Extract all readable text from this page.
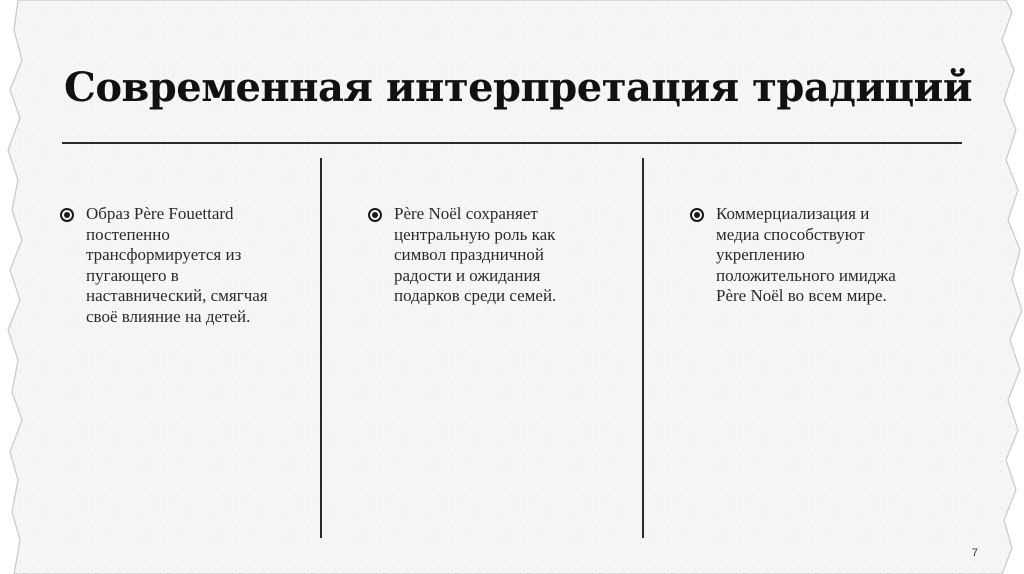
Современная интерпретация традиций
Образ Père Fouettard постепенно трансформируется из пугающего в наставнический, смягчая своё влияние на детей.
Père Noël сохраняет центральную роль как символ праздничной радости и ожидания подарков среди семей.
Коммерциализация и медиа способствуют укреплению положительного имиджа Père Noël во всем мире.
7
